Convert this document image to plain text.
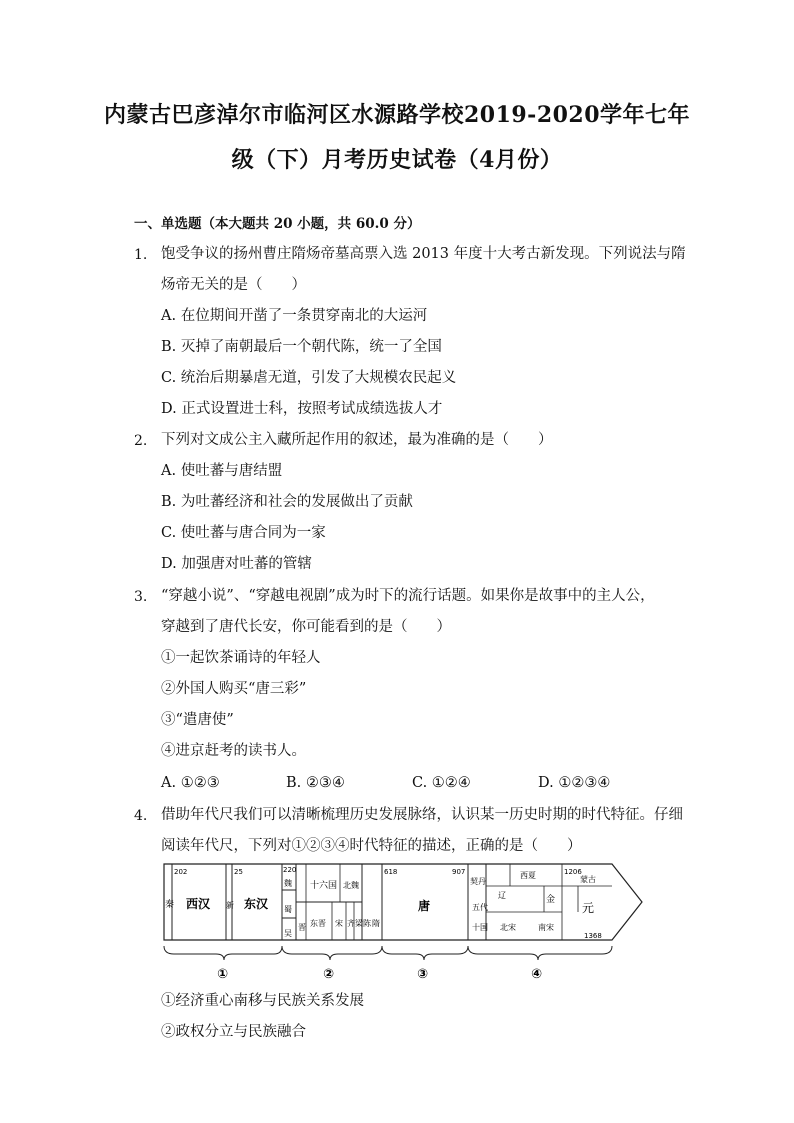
内蒙古巴彦淖尔市临河区水源路学校2019-2020学年七年
级（下）月考历史试卷（4月份）
一、单选题（本大题共 20 小题，共 60.0 分）
1. 饱受争议的扬州曹庄隋炀帝墓高票入选 2013 年度十大考古新发现。下列说法与隋
炀帝无关的是（　　）
A. 在位期间开凿了一条贯穿南北的大运河
B. 灭掉了南朝最后一个朝代陈，统一了全国
C. 统治后期暴虐无道，引发了大规模农民起义
D. 正式设置进士科，按照考试成绩选拔人才
2. 下列对文成公主入藏所起作用的叙述，最为准确的是（　　）
A. 使吐蕃与唐结盟
B. 为吐蕃经济和社会的发展做出了贡献
C. 使吐蕃与唐合同为一家
D. 加强唐对吐蕃的管辖
3. “穿越小说”、“穿越电视剧”成为时下的流行话题。如果你是故事中的主人公，
穿越到了唐代长安，你可能看到的是（　　）
①一起饮茶诵诗的年轻人
②外国人购买“唐三彩”
③“遣唐使”
④进京赶考的读书人。
A. ①②③	B. ②③④	C. ①②④	D. ①②③④
4. 借助年代尺我们可以清晰梳理历史发展脉络，认识某一历史时期的时代特征。仔细
阅读年代尺，下列对①②③④时代特征的描述，正确的是（　　）
秦
202
西汉 新
25
东汉
220
魏
蜀
吴
晋
十六国 北魏
东晋 宋 齐 梁 陈 隋
618	907
唐
契丹
五代
十国
辽
西夏
金
1206
蒙古
北宋	南宋
元
1368
①	②	③	④
①经济重心南移与民族关系发展
②政权分立与民族融合
